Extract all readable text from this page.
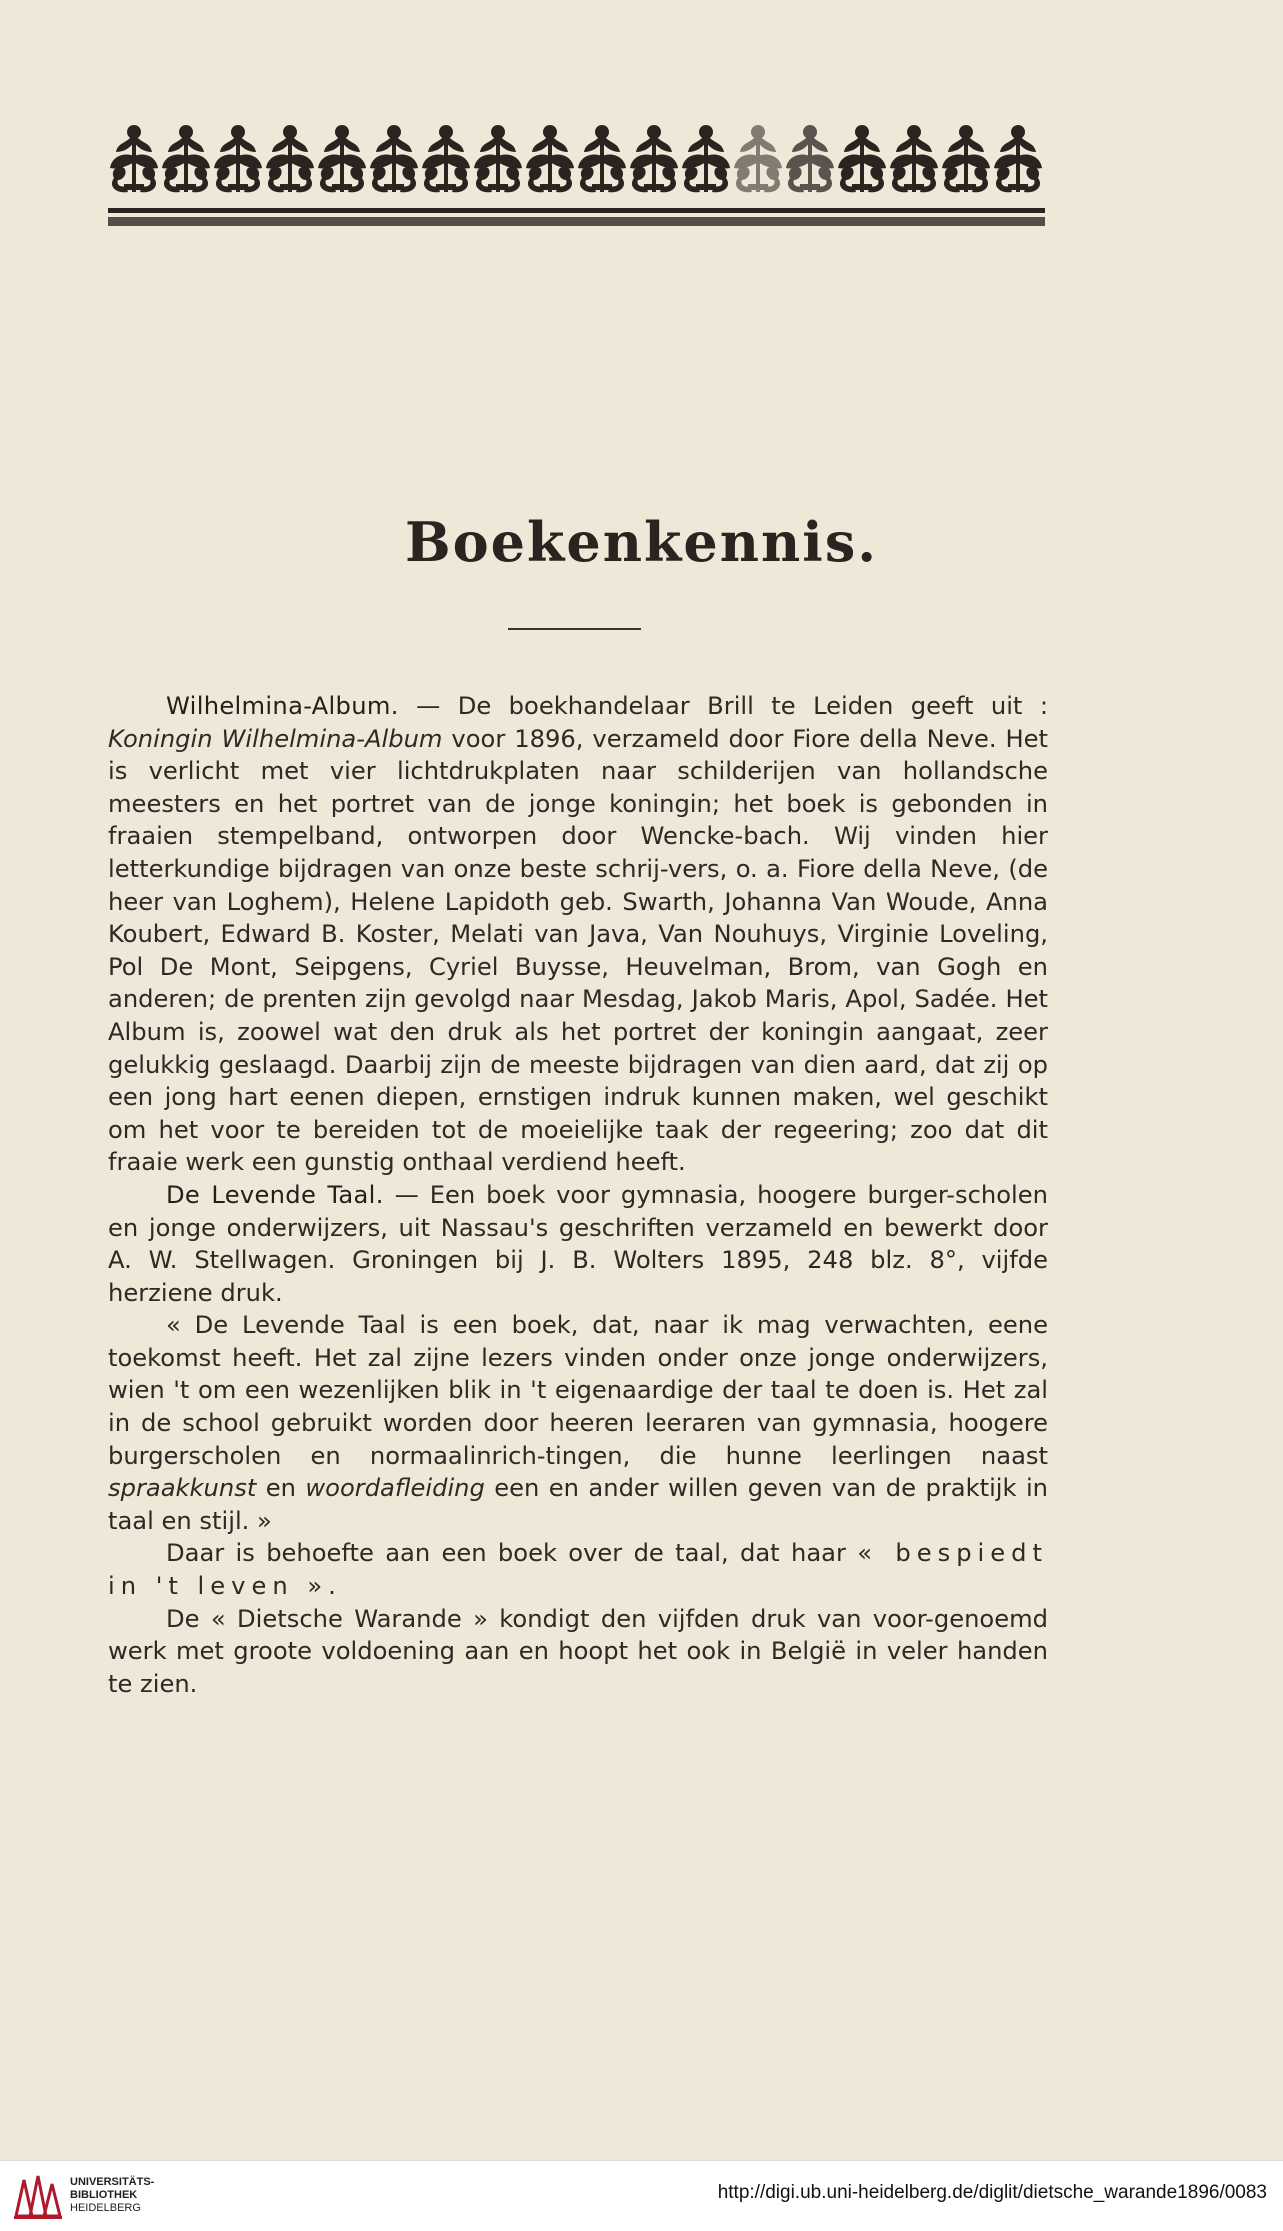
Boekenkennis.

Wilhelmina-Album. — De boekhandelaar Brill te Leiden geeft uit : Koningin Wilhelmina-Album voor 1896, verzameld door Fiore della Neve. Het is verlicht met vier lichtdrukplaten naar schilderijen van hollandsche meesters en het portret van de jonge koningin; het boek is gebonden in fraaien stempelband, ontworpen door Wencke-bach. Wij vinden hier letterkundige bijdragen van onze beste schrij-vers, o. a. Fiore della Neve, (de heer van Loghem), Helene Lapidoth geb. Swarth, Johanna Van Woude, Anna Koubert, Edward B. Koster, Melati van Java, Van Nouhuys, Virginie Loveling, Pol De Mont, Seipgens, Cyriel Buysse, Heuvelman, Brom, van Gogh en anderen; de prenten zijn gevolgd naar Mesdag, Jakob Maris, Apol, Sadée. Het Album is, zoowel wat den druk als het portret der koningin aangaat, zeer gelukkig geslaagd. Daarbij zijn de meeste bijdragen van dien aard, dat zij op een jong hart eenen diepen, ernstigen indruk kunnen maken, wel geschikt om het voor te bereiden tot de moeielijke taak der regeering; zoo dat dit fraaie werk een gunstig onthaal verdiend heeft.

De Levende Taal. — Een boek voor gymnasia, hoogere burger-scholen en jonge onderwijzers, uit Nassau's geschriften verzameld en bewerkt door A. W. Stellwagen. Groningen bij J. B. Wolters 1895, 248 blz. 8°, vijfde herziene druk.

« De Levende Taal is een boek, dat, naar ik mag verwachten, eene toekomst heeft. Het zal zijne lezers vinden onder onze jonge onderwijzers, wien 't om een wezenlijken blik in 't eigenaardige der taal te doen is. Het zal in de school gebruikt worden door heeren leeraren van gymnasia, hoogere burgerscholen en normaalinrich-tingen, die hunne leerlingen naast spraakkunst en woordafleiding een en ander willen geven van de praktijk in taal en stijl. »

Daar is behoefte aan een boek over de taal, dat haar « bespiedt in 't leven ».

De « Dietsche Warande » kondigt den vijfden druk van voor-genoemd werk met groote voldoening aan en hoopt het ook in België in veler handen te zien.

UNIVERSITÄTS-
BIBLIOTHEK
HEIDELBERG
http://digi.ub.uni-heidelberg.de/diglit/dietsche_warande1896/0083
